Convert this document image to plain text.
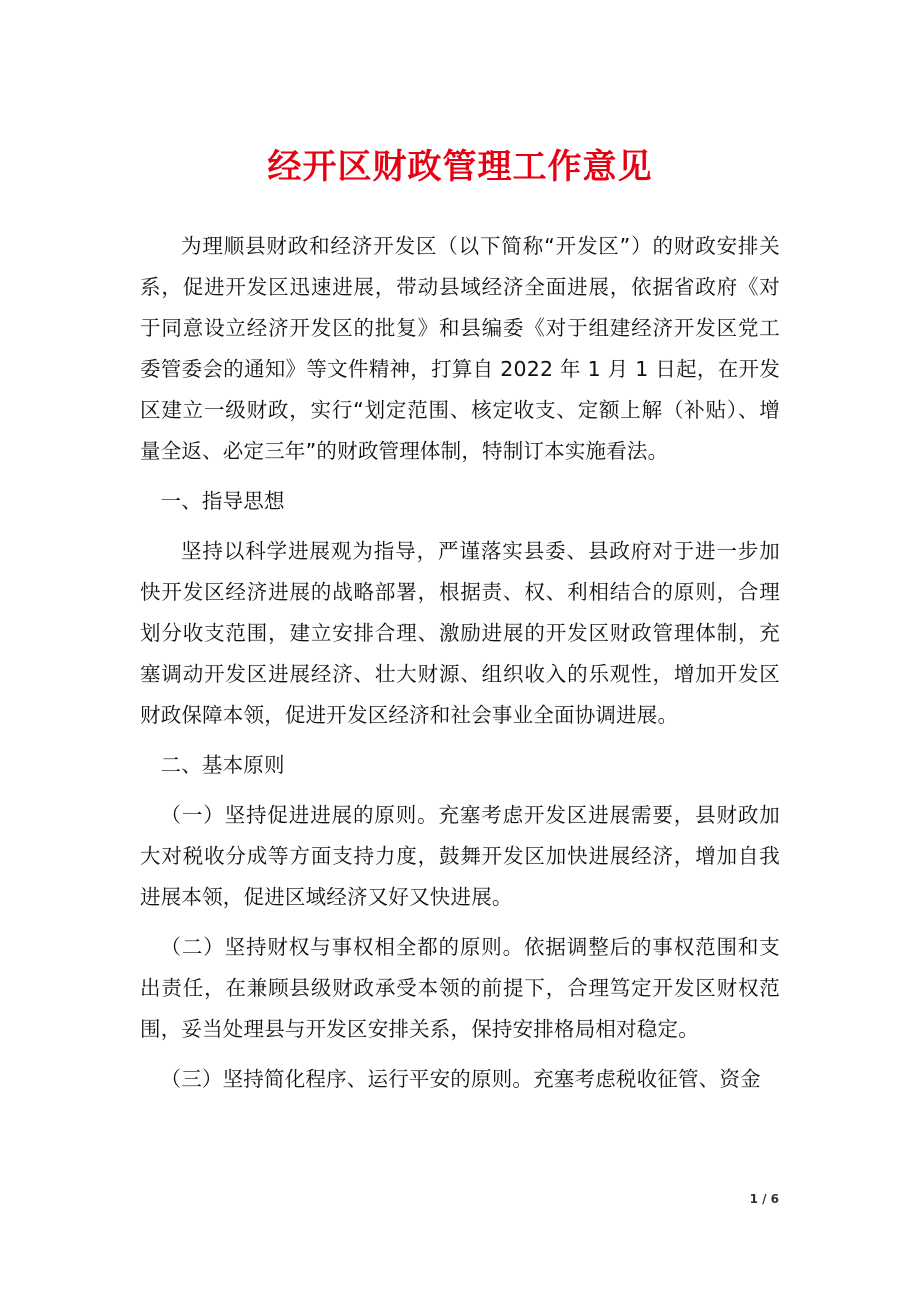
经开区财政管理工作意见

为理顺县财政和经济开发区（以下简称“开发区”）的财政安排关系，促进开发区迅速进展，带动县域经济全面进展，依据省政府《对于同意设立经济开发区的批复》和县编委《对于组建经济开发区党工委管委会的通知》等文件精神，打算自 2022 年 1 月 1 日起，在开发区建立一级财政，实行“划定范围、核定收支、定额上解（补贴）、增量全返、必定三年”的财政管理体制，特制订本实施看法。

一、指导思想

坚持以科学进展观为指导，严谨落实县委、县政府对于进一步加快开发区经济进展的战略部署，根据责、权、利相结合的原则，合理划分收支范围，建立安排合理、激励进展的开发区财政管理体制，充塞调动开发区进展经济、壮大财源、组织收入的乐观性，增加开发区财政保障本领，促进开发区经济和社会事业全面协调进展。

二、基本原则

（一）坚持促进进展的原则。充塞考虑开发区进展需要，县财政加大对税收分成等方面支持力度，鼓舞开发区加快进展经济，增加自我进展本领，促进区域经济又好又快进展。

（二）坚持财权与事权相全都的原则。依据调整后的事权范围和支出责任，在兼顾县级财政承受本领的前提下，合理笃定开发区财权范围，妥当处理县与开发区安排关系，保持安排格局相对稳定。

（三）坚持简化程序、运行平安的原则。充塞考虑税收征管、资金

1 / 6
